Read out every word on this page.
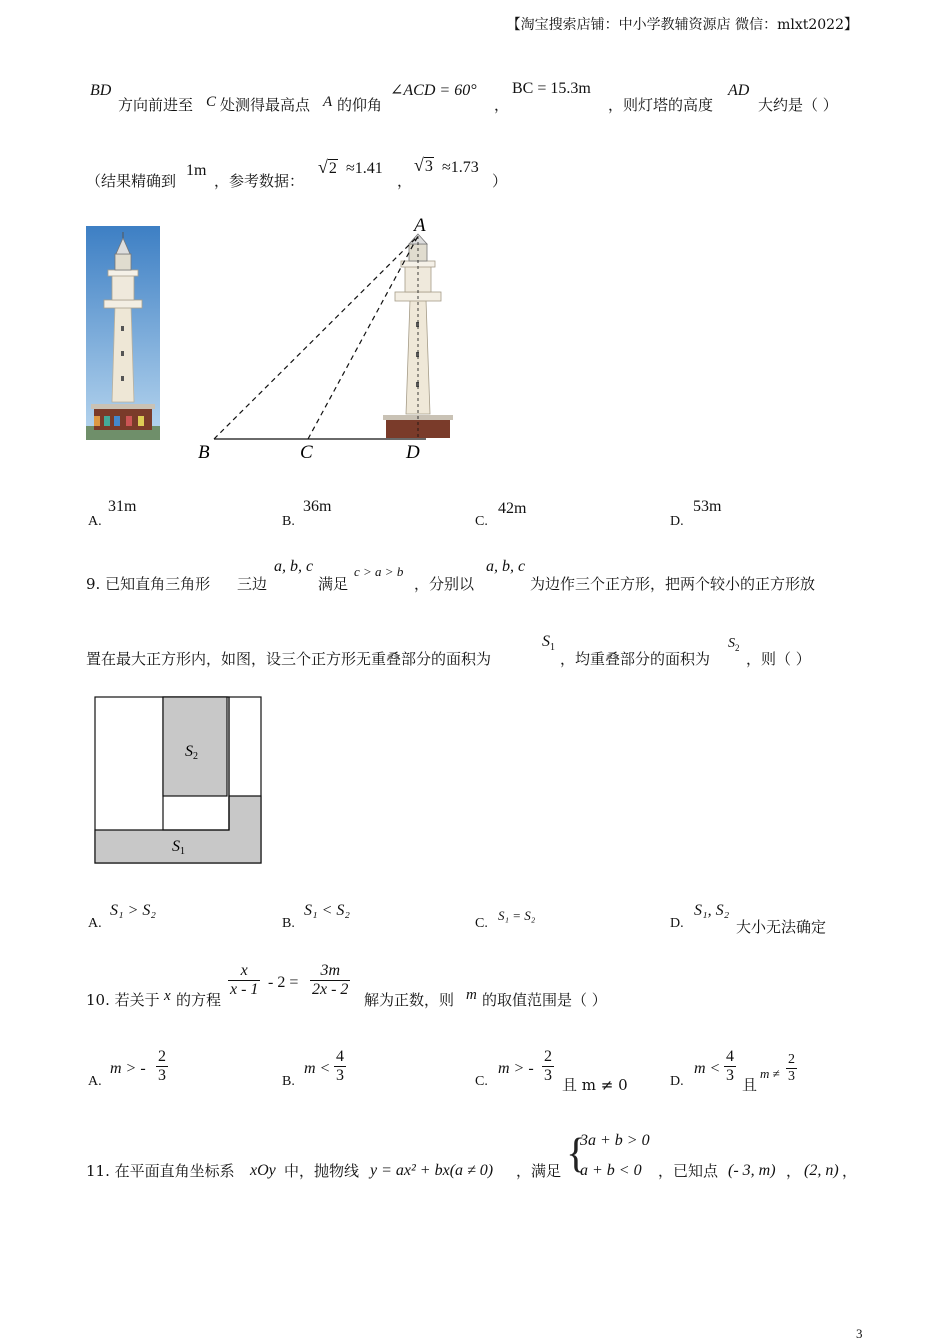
【淘宝搜索店铺：中小学教辅资源店 微信：mlxt2022】
BD
方向前进至 C 处测得最高点 A 的仰角
∠ACD = 60°
，
BC = 15.3m
，则灯塔的高度
AD
大约是（ ）
（结果精确到
1m
，参考数据：
√2 ≈1.41
，
√3 ≈1.73
）
A
B	C	D
A.
31m
B.
36m
C.
42m
D.
53m
9. 已知直角三角形 三边
a, b, c
满足
c > a > b
，分别以
a, b, c
为边作三个正方形，把两个较小的正方形放
置在最大正方形内，如图，设三个正方形无重叠部分的面积为
$S_1$
，均重叠部分的面积为
$S_2$
，则（ ）
S2
S1
A.
S₁ > S₂
B.
S₁ < S₂
C.
S₁ = S₂
D.
S₁, S₂
大小无法确定
10. 若关于 x 的方程
$\frac{x}{x - 1} - 2 = \frac{3m}{2x - 2}$
解为正数，则 m 的取值范围是（ ）
A.
m > - $\frac{2}{3}$	B.
$m < \frac{4}{3}$	C.
m > - $\frac{2}{3}$ 且 m ≠ 0	D.
$m < \frac{4}{3}$ 且
$m \ne \frac{2}{3}$
11. 在平面直角坐标系 xOy 中，抛物线 y = ax² + bx(a ≠ 0) ，满足 {
3a + b > 0
a + b < 0 ，已知点 (- 3, m) ， (2, n) ，
3
